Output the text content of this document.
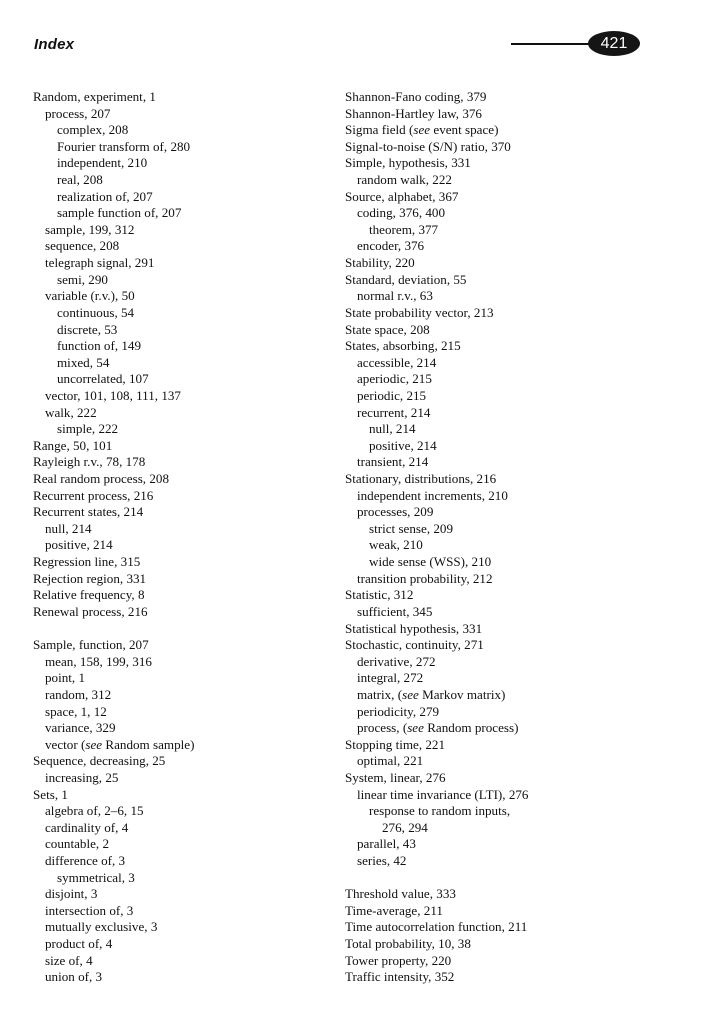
Index	421
Random, experiment, 1
process, 207
complex, 208
Fourier transform of, 280
independent, 210
real, 208
realization of, 207
sample function of, 207
sample, 199, 312
sequence, 208
telegraph signal, 291
semi, 290
variable (r.v.), 50
continuous, 54
discrete, 53
function of, 149
mixed, 54
uncorrelated, 107
vector, 101, 108, 111, 137
walk, 222
simple, 222
Range, 50, 101
Rayleigh r.v., 78, 178
Real random process, 208
Recurrent process, 216
Recurrent states, 214
null, 214
positive, 214
Regression line, 315
Rejection region, 331
Relative frequency, 8
Renewal process, 216
Sample, function, 207
mean, 158, 199, 316
point, 1
random, 312
space, 1, 12
variance, 329
vector (see Random sample)
Sequence, decreasing, 25
increasing, 25
Sets, 1
algebra of, 2–6, 15
cardinality of, 4
countable, 2
difference of, 3
symmetrical, 3
disjoint, 3
intersection of, 3
mutually exclusive, 3
product of, 4
size of, 4
union of, 3
Shannon-Fano coding, 379
Shannon-Hartley law, 376
Sigma field (see event space)
Signal-to-noise (S/N) ratio, 370
Simple, hypothesis, 331
random walk, 222
Source, alphabet, 367
coding, 376, 400
theorem, 377
encoder, 376
Stability, 220
Standard, deviation, 55
normal r.v., 63
State probability vector, 213
State space, 208
States, absorbing, 215
accessible, 214
aperiodic, 215
periodic, 215
recurrent, 214
null, 214
positive, 214
transient, 214
Stationary, distributions, 216
independent increments, 210
processes, 209
strict sense, 209
weak, 210
wide sense (WSS), 210
transition probability, 212
Statistic, 312
sufficient, 345
Statistical hypothesis, 331
Stochastic, continuity, 271
derivative, 272
integral, 272
matrix, (see Markov matrix)
periodicity, 279
process, (see Random process)
Stopping time, 221
optimal, 221
System, linear, 276
linear time invariance (LTI), 276
response to random inputs,
276, 294
parallel, 43
series, 42
Threshold value, 333
Time-average, 211
Time autocorrelation function, 211
Total probability, 10, 38
Tower property, 220
Traffic intensity, 352
